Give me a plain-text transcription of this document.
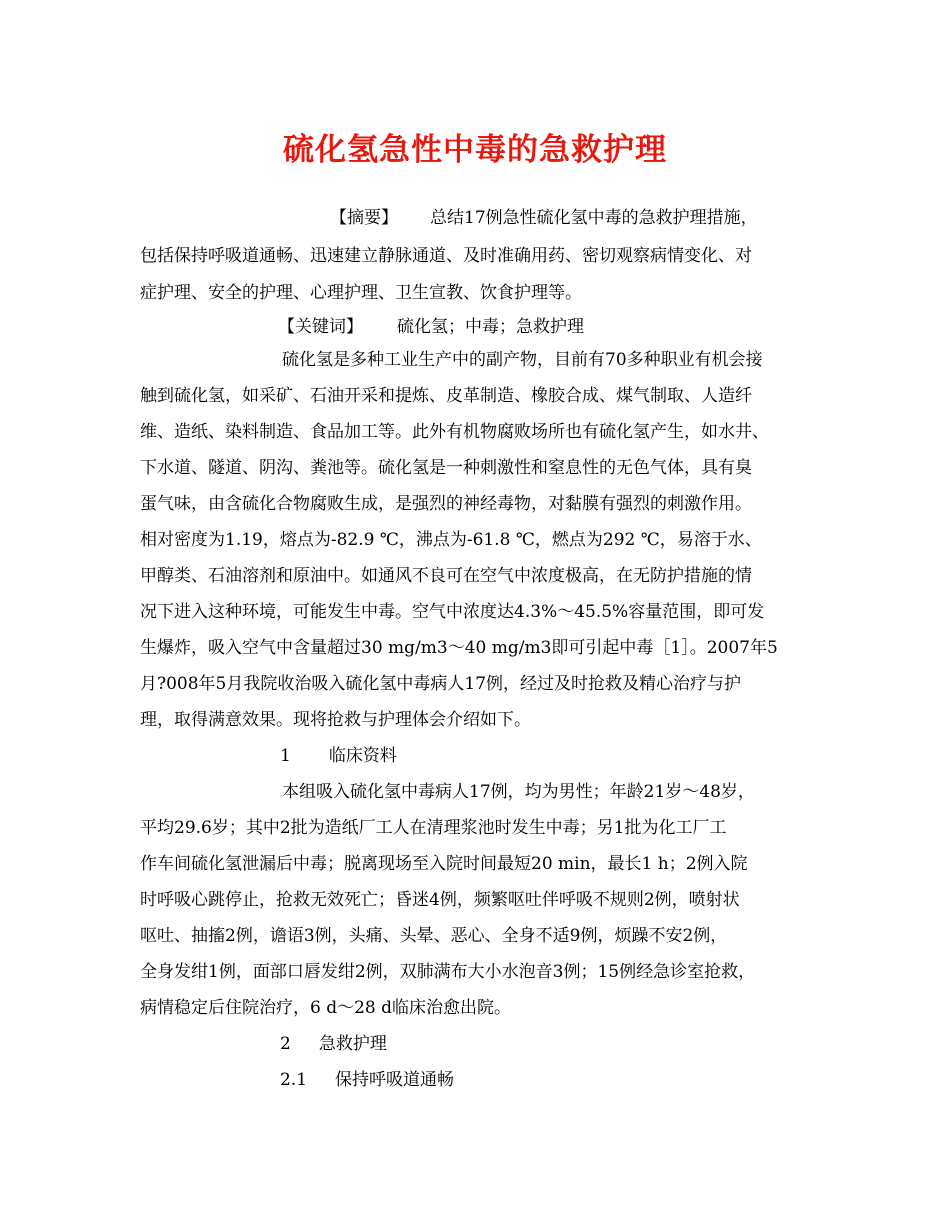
硫化氢急性中毒的急救护理

【摘要】 总结17例急性硫化氢中毒的急救护理措施，

包括保持呼吸道通畅、迅速建立静脉通道、及时准确用药、密切观察病情变化、对

症护理、安全的护理、心理护理、卫生宣教、饮食护理等。

【关键词】 硫化氢；中毒；急救护理

硫化氢是多种工业生产中的副产物，目前有70多种职业有机会接

触到硫化氢，如采矿、石油开采和提炼、皮革制造、橡胶合成、煤气制取、人造纤

维、造纸、染料制造、食品加工等。此外有机物腐败场所也有硫化氢产生，如水井、

下水道、隧道、阴沟、粪池等。硫化氢是一种刺激性和窒息性的无色气体，具有臭

蛋气味，由含硫化合物腐败生成，是强烈的神经毒物，对黏膜有强烈的刺激作用。

相对密度为1.19，熔点为-82.9 ℃，沸点为-61.8 ℃，燃点为292 ℃，易溶于水、

甲醇类、石油溶剂和原油中。如通风不良可在空气中浓度极高，在无防护措施的情

况下进入这种环境，可能发生中毒。空气中浓度达4.3%～45.5%容量范围，即可发

生爆炸，吸入空气中含量超过30 mg/m3～40 mg/m3即可引起中毒［1］。2007年5

月?008年5月我院收治吸入硫化氢中毒病人17例，经过及时抢救及精心治疗与护

理，取得满意效果。现将抢救与护理体会介绍如下。

1 临床资料

本组吸入硫化氢中毒病人17例，均为男性；年龄21岁～48岁，

平均29.6岁；其中2批为造纸厂工人在清理浆池时发生中毒；另1批为化工厂工

作车间硫化氢泄漏后中毒；脱离现场至入院时间最短20 min，最长1 h；2例入院

时呼吸心跳停止，抢救无效死亡；昏迷4例，频繁呕吐伴呼吸不规则2例，喷射状

呕吐、抽搐2例，谵语3例，头痛、头晕、恶心、全身不适9例，烦躁不安2例，

全身发绀1例，面部口唇发绀2例，双肺满布大小水泡音3例；15例经急诊室抢救，

病情稳定后住院治疗，6 d～28 d临床治愈出院。

2 急救护理

2.1 保持呼吸道通畅
